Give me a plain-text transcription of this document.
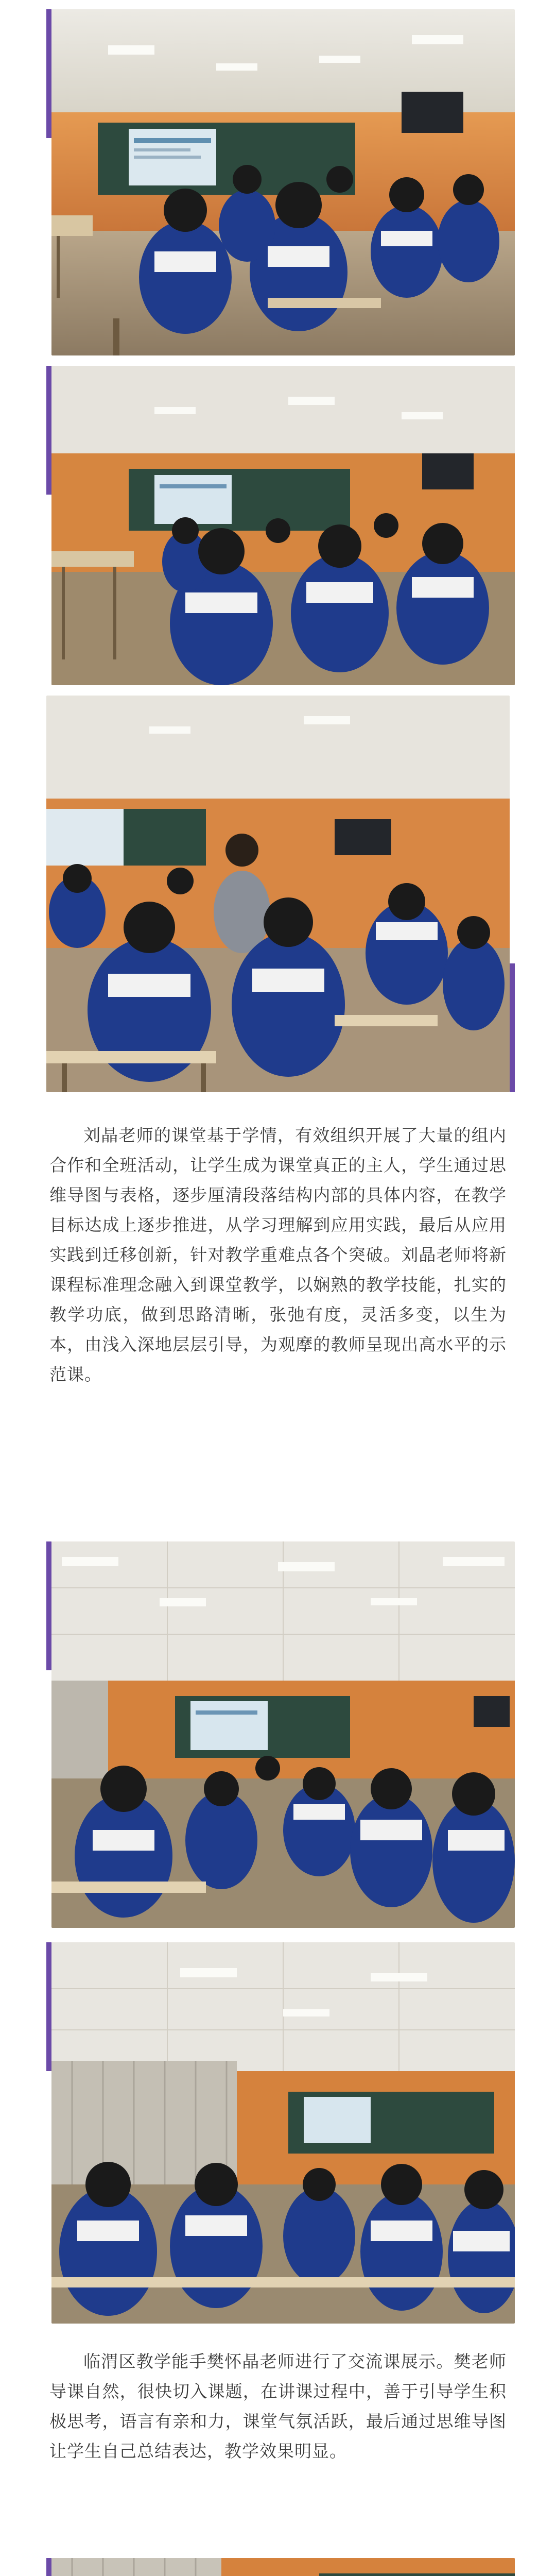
刘晶老师的课堂基于学情，有效组织开展了大量的组内合作和全班活动，让学生成为课堂真正的主人，学生通过思维导图与表格，逐步厘清段落结构内部的具体内容，在教学目标达成上逐步推进，从学习理解到应用实践，最后从应用实践到迁移创新，针对教学重难点各个突破。刘晶老师将新课程标准理念融入到课堂教学，以娴熟的教学技能，扎实的教学功底，做到思路清晰，张弛有度，灵活多变，以生为本，由浅入深地层层引导，为观摩的教师呈现出高水平的示范课。

临渭区教学能手樊怀晶老师进行了交流课展示。樊老师导课自然，很快切入课题，在讲课过程中，善于引导学生积极思考，语言有亲和力，课堂气氛活跃，最后通过思维导图让学生自己总结表达，教学效果明显。
